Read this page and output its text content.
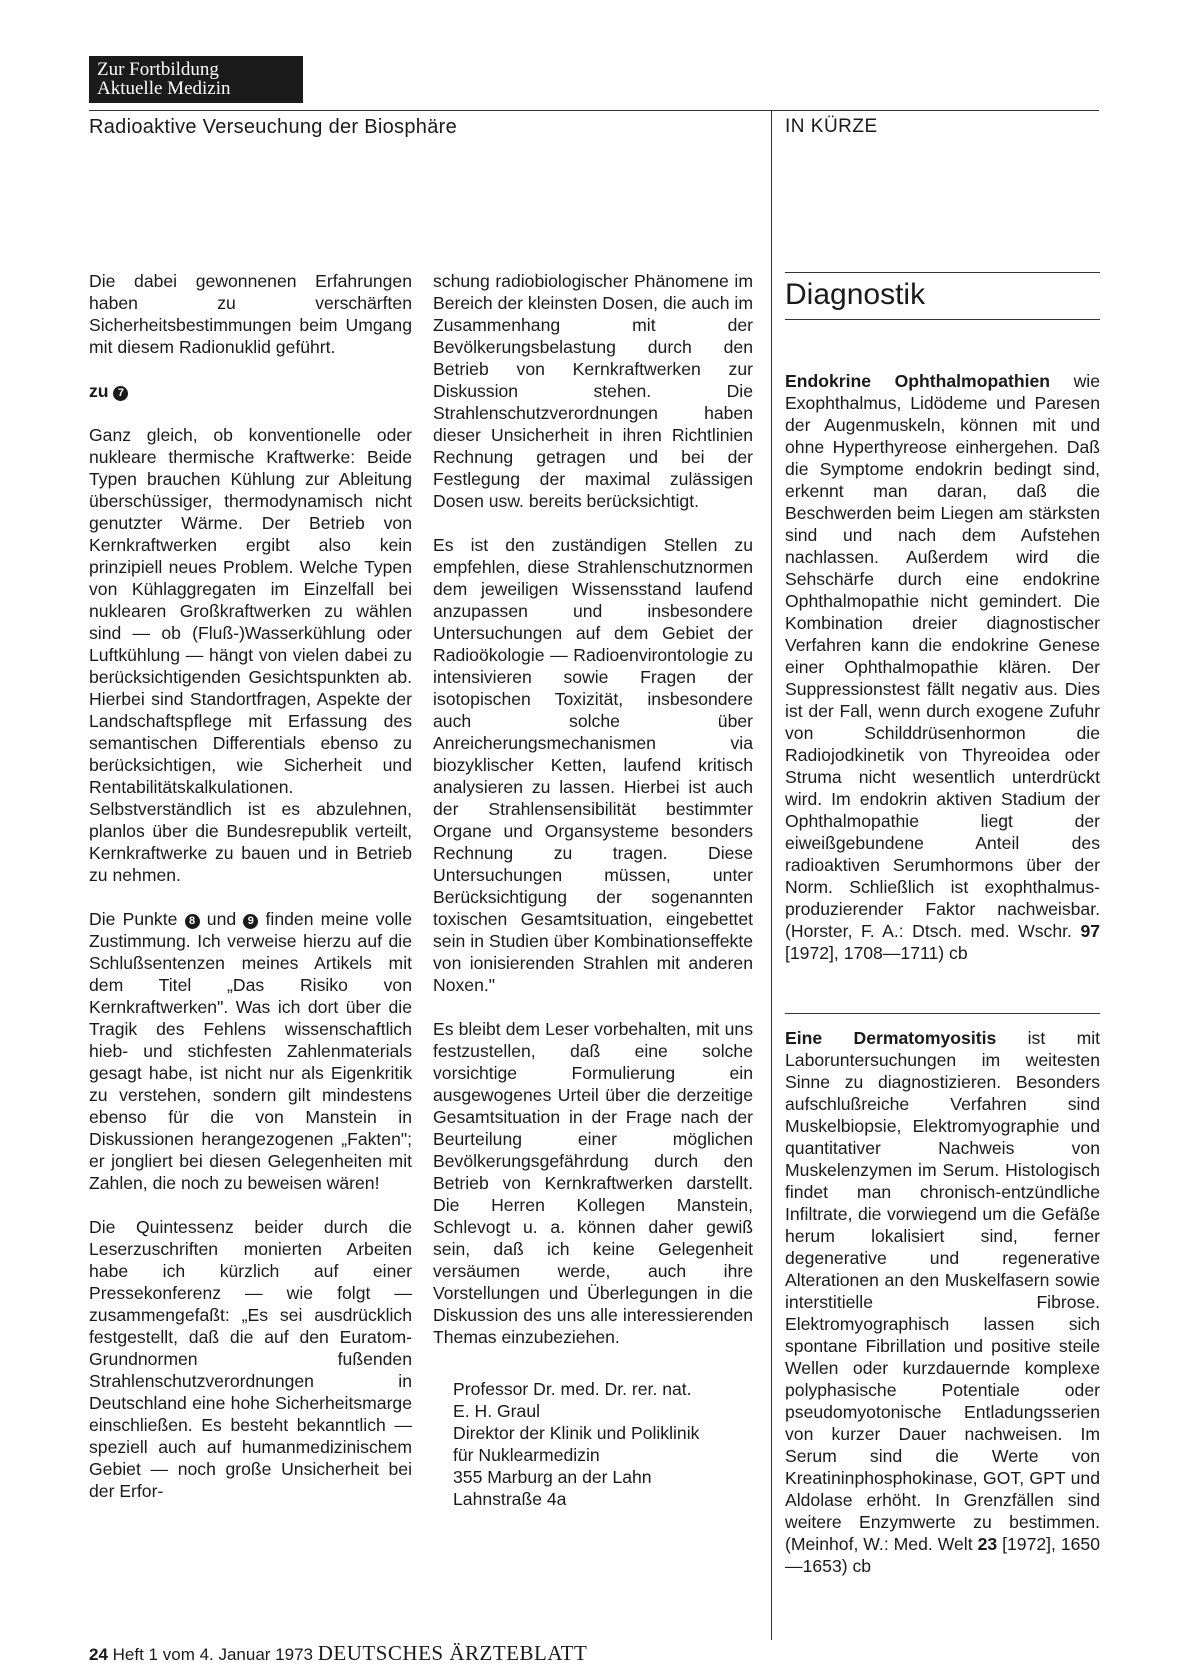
Zur Fortbildung
Aktuelle Medizin
Radioaktive Verseuchung der Biosphäre	IN KÜRZE
Diagnostik

Die dabei gewonnenen Erfahrungen haben zu verschärften Sicherheitsbestimmungen beim Umgang mit diesem Radionuklid geführt.

zu 7

Ganz gleich, ob konventionelle oder nukleare thermische Kraftwerke: Beide Typen brauchen Kühlung zur Ableitung überschüssiger, thermodynamisch nicht genutzter Wärme. Der Betrieb von Kernkraftwerken ergibt also kein prinzipiell neues Problem. Welche Typen von Kühlaggregaten im Einzelfall bei nuklearen Großkraftwerken zu wählen sind — ob (Fluß-)Wasserkühlung oder Luftkühlung — hängt von vielen dabei zu berücksichtigenden Gesichtspunkten ab. Hierbei sind Standortfragen, Aspekte der Landschaftspflege mit Erfassung des semantischen Differentials ebenso zu berücksichtigen, wie Sicherheit und Rentabilitätskalkulationen. Selbstverständlich ist es abzulehnen, planlos über die Bundesrepublik verteilt, Kernkraftwerke zu bauen und in Betrieb zu nehmen.

Die Punkte 8 und 9 finden meine volle Zustimmung. Ich verweise hierzu auf die Schlußsentenzen meines Artikels mit dem Titel „Das Risiko von Kernkraftwerken". Was ich dort über die Tragik des Fehlens wissenschaftlich hieb- und stichfesten Zahlenmaterials gesagt habe, ist nicht nur als Eigenkritik zu verstehen, sondern gilt mindestens ebenso für die von Manstein in Diskussionen herangezogenen „Fakten"; er jongliert bei diesen Gelegenheiten mit Zahlen, die noch zu beweisen wären!

Die Quintessenz beider durch die Leserzuschriften monierten Arbeiten habe ich kürzlich auf einer Pressekonferenz — wie folgt — zusammengefaßt: „Es sei ausdrücklich festgestellt, daß die auf den Euratom-Grundnormen fußenden Strahlenschutzverordnungen in Deutschland eine hohe Sicherheitsmarge einschließen. Es besteht bekanntlich — speziell auch auf humanmedizinischem Gebiet — noch große Unsicherheit bei der Erfor-

schung radiobiologischer Phänomene im Bereich der kleinsten Dosen, die auch im Zusammenhang mit der Bevölkerungsbelastung durch den Betrieb von Kernkraftwerken zur Diskussion stehen. Die Strahlenschutzverordnungen haben dieser Unsicherheit in ihren Richtlinien Rechnung getragen und bei der Festlegung der maximal zulässigen Dosen usw. bereits berücksichtigt.

Es ist den zuständigen Stellen zu empfehlen, diese Strahlenschutznormen dem jeweiligen Wissensstand laufend anzupassen und insbesondere Untersuchungen auf dem Gebiet der Radioökologie — Radioenvirontologie zu intensivieren sowie Fragen der isotopischen Toxizität, insbesondere auch solche über Anreicherungsmechanismen via biozyklischer Ketten, laufend kritisch analysieren zu lassen. Hierbei ist auch der Strahlensensibilität bestimmter Organe und Organsysteme besonders Rechnung zu tragen. Diese Untersuchungen müssen, unter Berücksichtigung der sogenannten toxischen Gesamtsituation, eingebettet sein in Studien über Kombinationseffekte von ionisierenden Strahlen mit anderen Noxen."

Es bleibt dem Leser vorbehalten, mit uns festzustellen, daß eine solche vorsichtige Formulierung ein ausgewogenes Urteil über die derzeitige Gesamtsituation in der Frage nach der Beurteilung einer möglichen Bevölkerungsgefährdung durch den Betrieb von Kernkraftwerken darstellt. Die Herren Kollegen Manstein, Schlevogt u. a. können daher gewiß sein, daß ich keine Gelegenheit versäumen werde, auch ihre Vorstellungen und Überlegungen in die Diskussion des uns alle interessierenden Themas einzubeziehen.

Professor Dr. med. Dr. rer. nat.
E. H. Graul
Direktor der Klinik und Poliklinik
für Nuklearmedizin
355 Marburg an der Lahn
Lahnstraße 4a

Endokrine Ophthalmopathien wie Exophthalmus, Lidödeme und Paresen der Augenmuskeln, können mit und ohne Hyperthyreose einhergehen. Daß die Symptome endokrin bedingt sind, erkennt man daran, daß die Beschwerden beim Liegen am stärksten sind und nach dem Aufstehen nachlassen. Außerdem wird die Sehschärfe durch eine endokrine Ophthalmopathie nicht gemindert. Die Kombination dreier diagnostischer Verfahren kann die endokrine Genese einer Ophthalmopathie klären. Der Suppressionstest fällt negativ aus. Dies ist der Fall, wenn durch exogene Zufuhr von Schilddrüsenhormon die Radiojodkinetik von Thyreoidea oder Struma nicht wesentlich unterdrückt wird. Im endokrin aktiven Stadium der Ophthalmopathie liegt der eiweißgebundene Anteil des radioaktiven Serumhormons über der Norm. Schließlich ist exophthalmus-produzierender Faktor nachweisbar. (Horster, F. A.: Dtsch. med. Wschr. 97 [1972], 1708—1711) cb

Eine Dermatomyositis ist mit Laboruntersuchungen im weitesten Sinne zu diagnostizieren. Besonders aufschlußreiche Verfahren sind Muskelbiopsie, Elektromyographie und quantitativer Nachweis von Muskelenzymen im Serum. Histologisch findet man chronisch-entzündliche Infiltrate, die vorwiegend um die Gefäße herum lokalisiert sind, ferner degenerative und regenerative Alterationen an den Muskelfasern sowie interstitielle Fibrose. Elektromyographisch lassen sich spontane Fibrillation und positive steile Wellen oder kurzdauernde komplexe polyphasische Potentiale oder pseudomyotonische Entladungsserien von kurzer Dauer nachweisen. Im Serum sind die Werte von Kreatininphosphokinase, GOT, GPT und Aldolase erhöht. In Grenzfällen sind weitere Enzymwerte zu bestimmen. (Meinhof, W.: Med. Welt 23 [1972], 1650—1653) cb

24 Heft 1 vom 4. Januar 1973 DEUTSCHES ÄRZTEBLATT
